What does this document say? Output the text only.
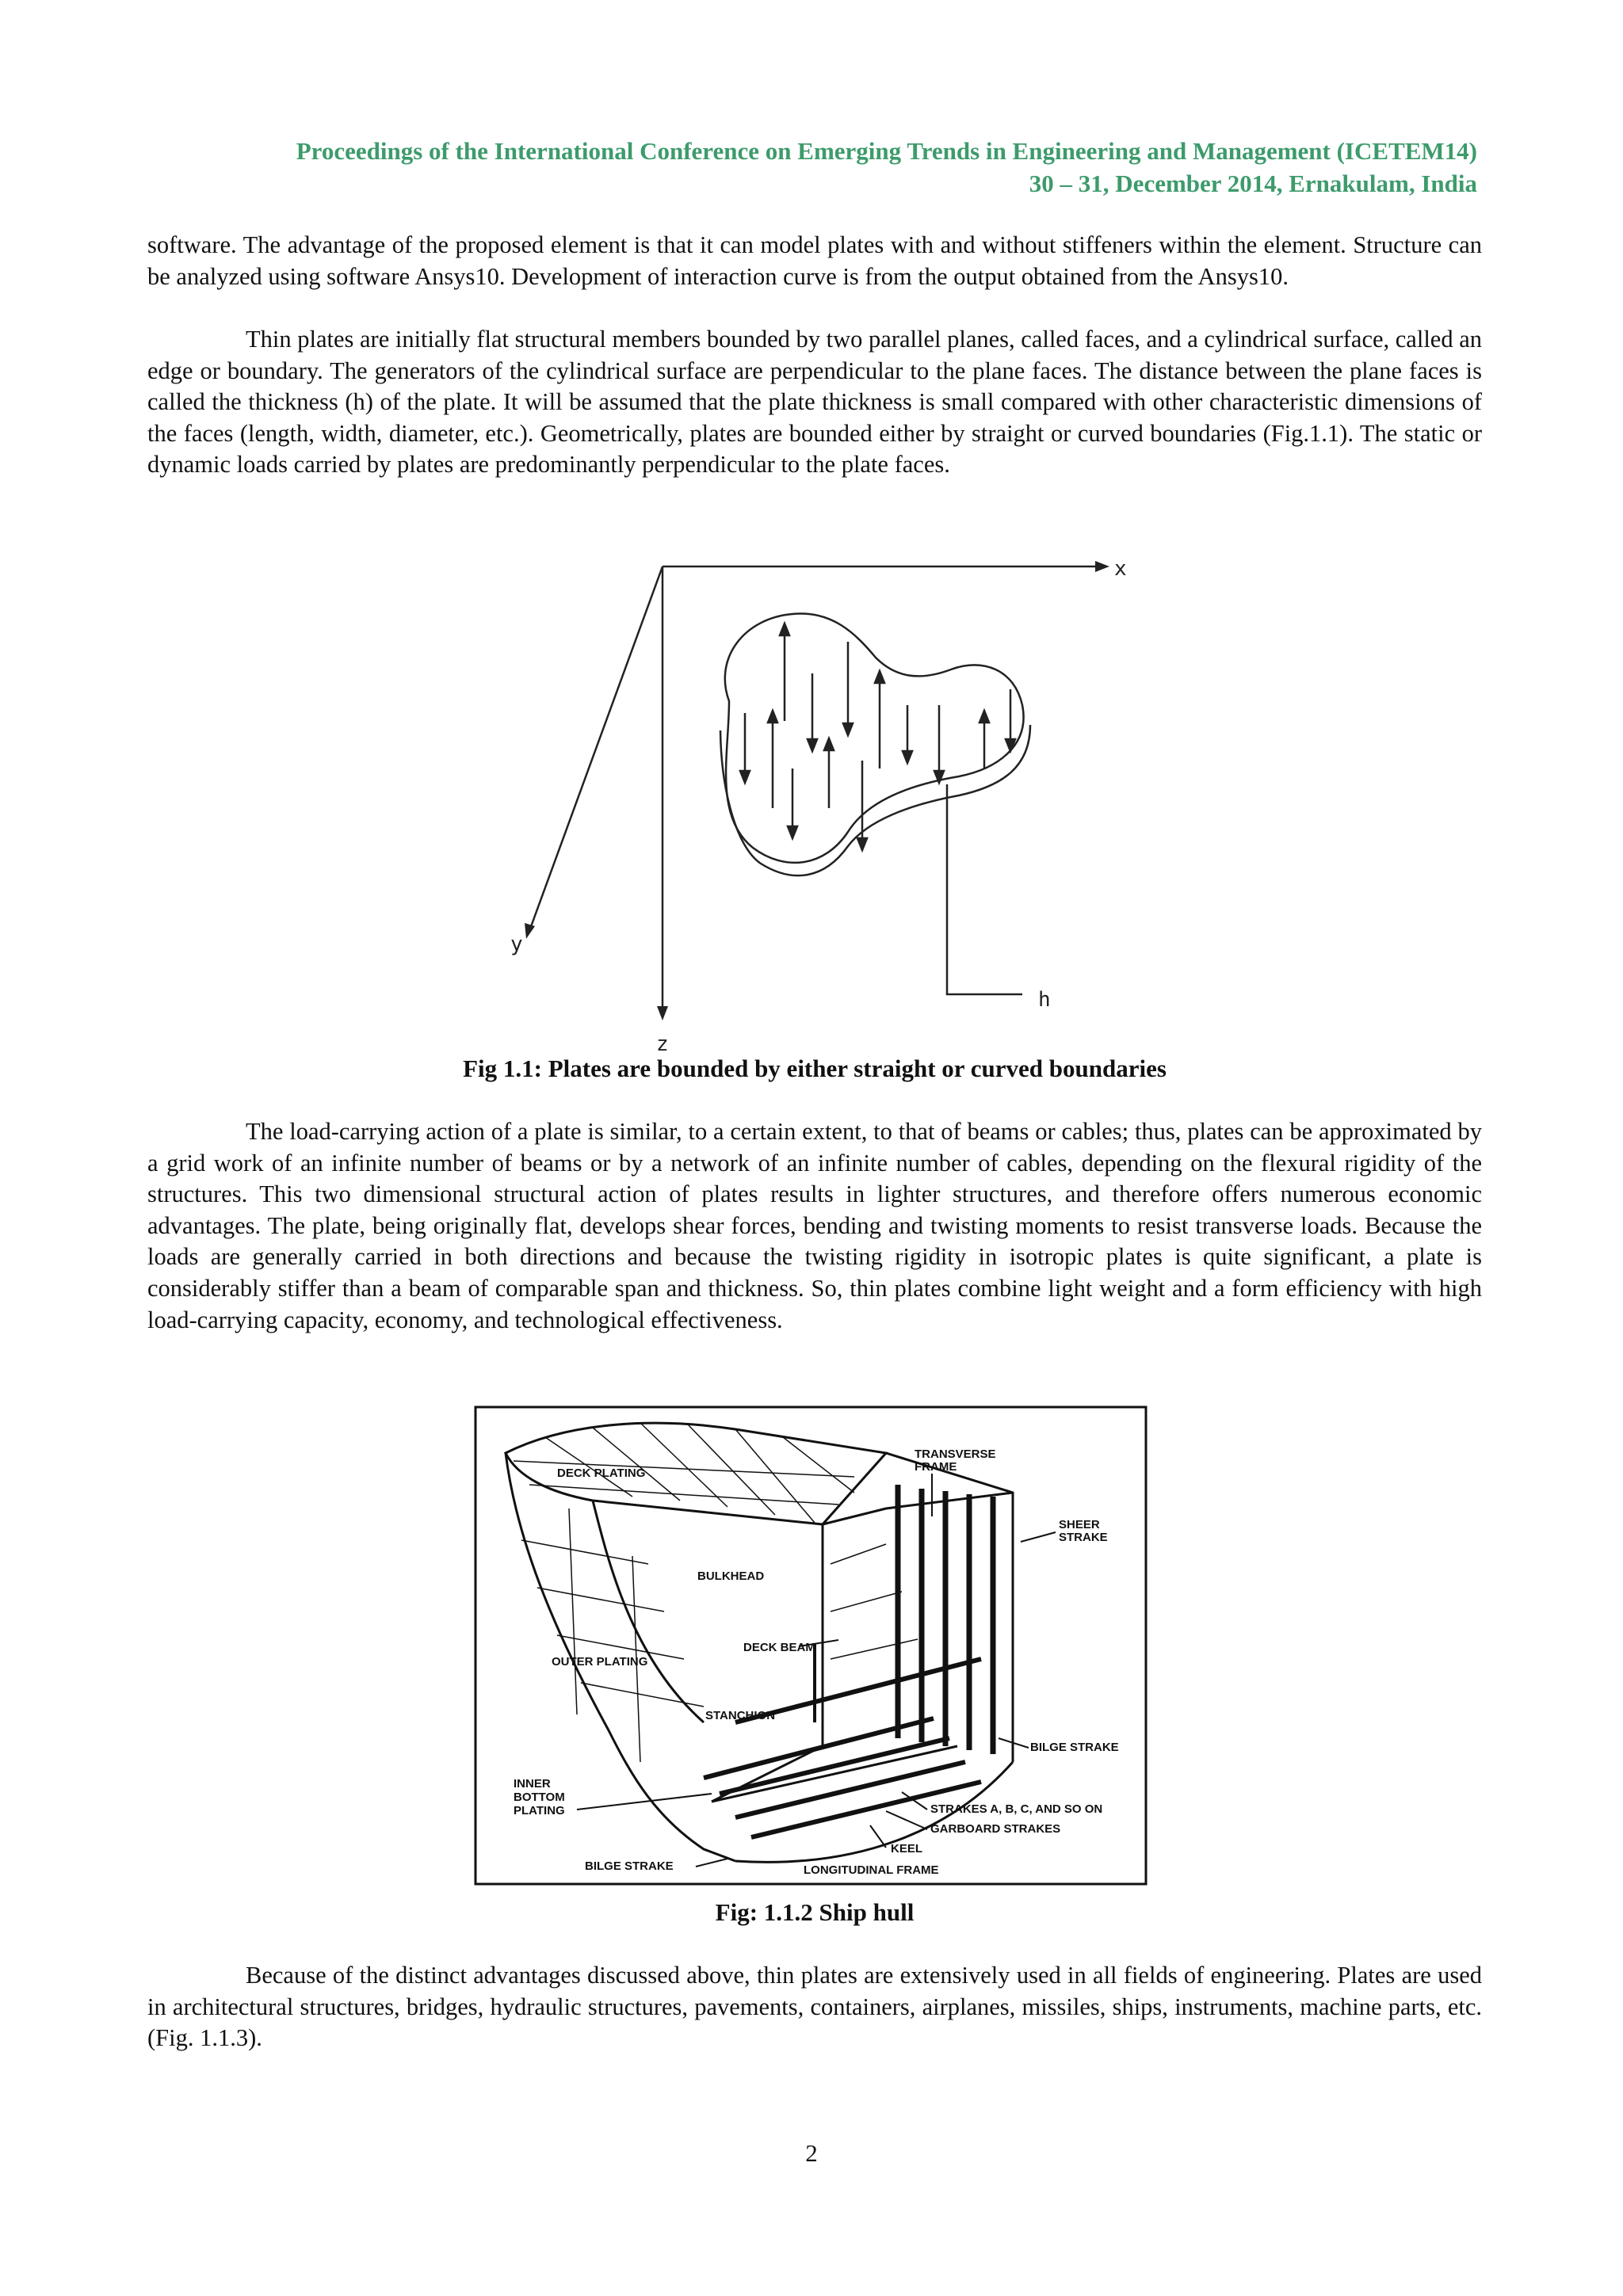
Proceedings of the International Conference on Emerging Trends in Engineering and Management (ICETEM14)
30 – 31, December 2014, Ernakulam, India

software. The advantage of the proposed element is that it can model plates with and without stiffeners within the element. Structure can be analyzed using software Ansys10. Development of interaction curve is from the output obtained from the Ansys10.

Thin plates are initially flat structural members bounded by two parallel planes, called faces, and a cylindrical surface, called an edge or boundary. The generators of the cylindrical surface are perpendicular to the plane faces. The distance between the plane faces is called the thickness (h) of the plate. It will be assumed that the plate thickness is small compared with other characteristic dimensions of the faces (length, width, diameter, etc.). Geometrically, plates are bounded either by straight or curved boundaries (Fig.1.1). The static or dynamic loads carried by plates are predominantly perpendicular to the plate faces.

x
y
z
h
Fig 1.1: Plates are bounded by either straight or curved boundaries

The load-carrying action of a plate is similar, to a certain extent, to that of beams or cables; thus, plates can be approximated by a grid work of an infinite number of beams or by a network of an infinite number of cables, depending on the flexural rigidity of the structures. This two dimensional structural action of plates results in lighter structures, and therefore offers numerous economic advantages. The plate, being originally flat, develops shear forces, bending and twisting moments to resist transverse loads. Because the loads are generally carried in both directions and because the twisting rigidity in isotropic plates is quite significant, a plate is considerably stiffer than a beam of comparable span and thickness. So, thin plates combine light weight and a form efficiency with high load-carrying capacity, economy, and technological effectiveness.

DECK PLATING
TRANSVERSE
FRAME
SHEER
STRAKE
BULKHEAD
DECK BEAM
OUTER PLATING
STANCHION
BILGE STRAKE
INNER
BOTTOM
PLATING	STRAKES A, B, C, AND SO ON
GARBOARD STRAKES
KEEL
BILGE STRAKE	LONGITUDINAL FRAME
Fig: 1.1.2 Ship hull

Because of the distinct advantages discussed above, thin plates are extensively used in all fields of engineering. Plates are used in architectural structures, bridges, hydraulic structures, pavements, containers, airplanes, missiles, ships, instruments, machine parts, etc. (Fig. 1.1.3).

2
